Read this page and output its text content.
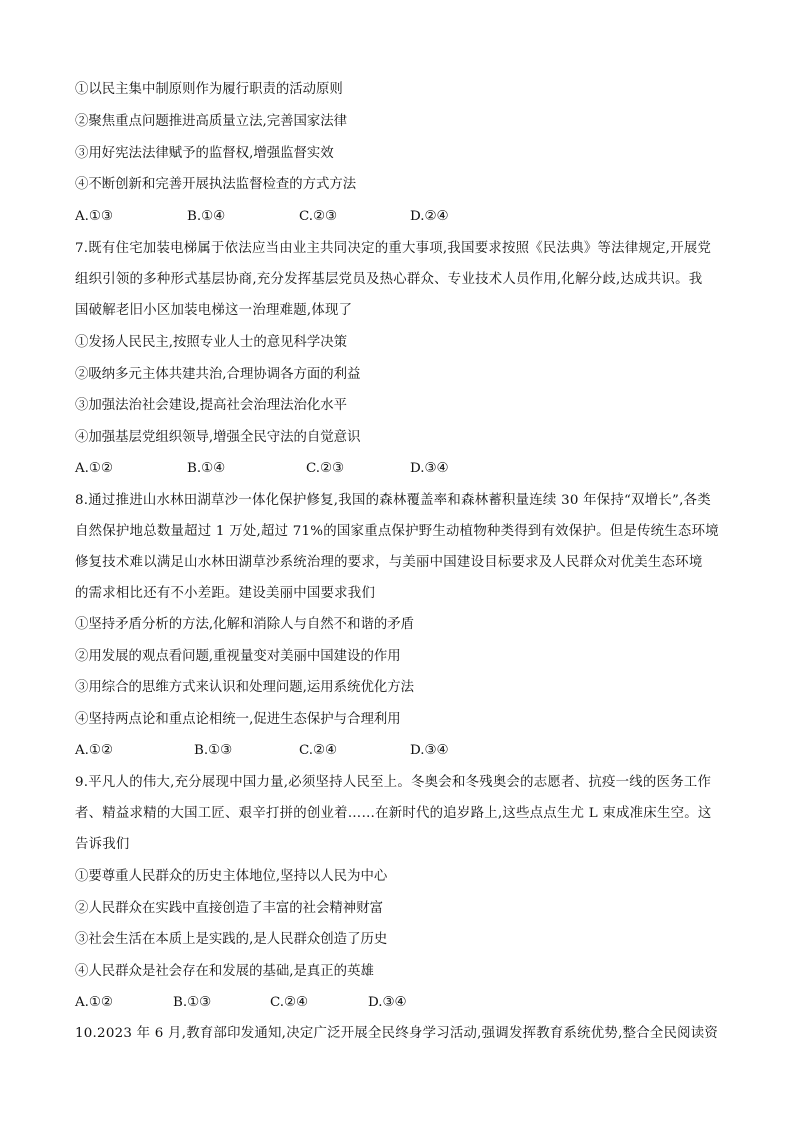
①以民主集中制原则作为履行职责的活动原则
②聚焦重点问题推进高质量立法,完善国家法律
③用好宪法法律赋予的监督权,增强监督实效
④不断创新和完善开展执法监督检查的方式方法
A.①③	B.①④	C.②③	D.②④
7.既有住宅加装电梯属于依法应当由业主共同决定的重大事项,我国要求按照《民法典》等法律规定,开展党
组织引领的多种形式基层协商,充分发挥基层党员及热心群众、专业技术人员作用,化解分歧,达成共识。我
国破解老旧小区加装电梯这一治理难题,体现了
①发扬人民民主,按照专业人士的意见科学决策
②吸纳多元主体共建共治,合理协调各方面的利益
③加强法治社会建设,提高社会治理法治化水平
④加强基层党组织领导,增强全民守法的自觉意识
A.①②	B.①④	C.②③	D.③④
8.通过推进山水林田湖草沙一体化保护修复,我国的森林覆盖率和森林蓄积量连续 30 年保持“双增长”,各类
自然保护地总数量超过 1 万处,超过 71%的国家重点保护野生动植物种类得到有效保护。但是传统生态环境
修复技术难以满足山水林田湖草沙系统治理的要求，与美丽中国建设目标要求及人民群众对优美生态环境
的需求相比还有不小差距。建设美丽中国要求我们
①坚持矛盾分析的方法,化解和消除人与自然不和谐的矛盾
②用发展的观点看问题,重视量变对美丽中国建设的作用
③用综合的思维方式来认识和处理问题,运用系统优化方法
④坚持两点论和重点论相统一,促进生态保护与合理利用
A.①②	B.①③	C.②④	D.③④
9.平凡人的伟大,充分展现中国力量,必须坚持人民至上。冬奥会和冬残奥会的志愿者、抗疫一线的医务工作
者、精益求精的大国工匠、艰辛打拼的创业着……在新时代的追岁路上,这些点点生尤 L 束成准床生空。这
告诉我们
①要尊重人民群众的历史主体地位,坚持以人民为中心
②人民群众在实践中直接创造了丰富的社会精神财富
③社会生活在本质上是实践的,是人民群众创造了历史
④人民群众是社会存在和发展的基础,是真正的英雄
A.①②	B.①③	C.②④	D.③④
10.2023 年 6 月,教育部印发通知,决定广泛开展全民终身学习活动,强调发挥教育系统优势,整合全民阅读资
